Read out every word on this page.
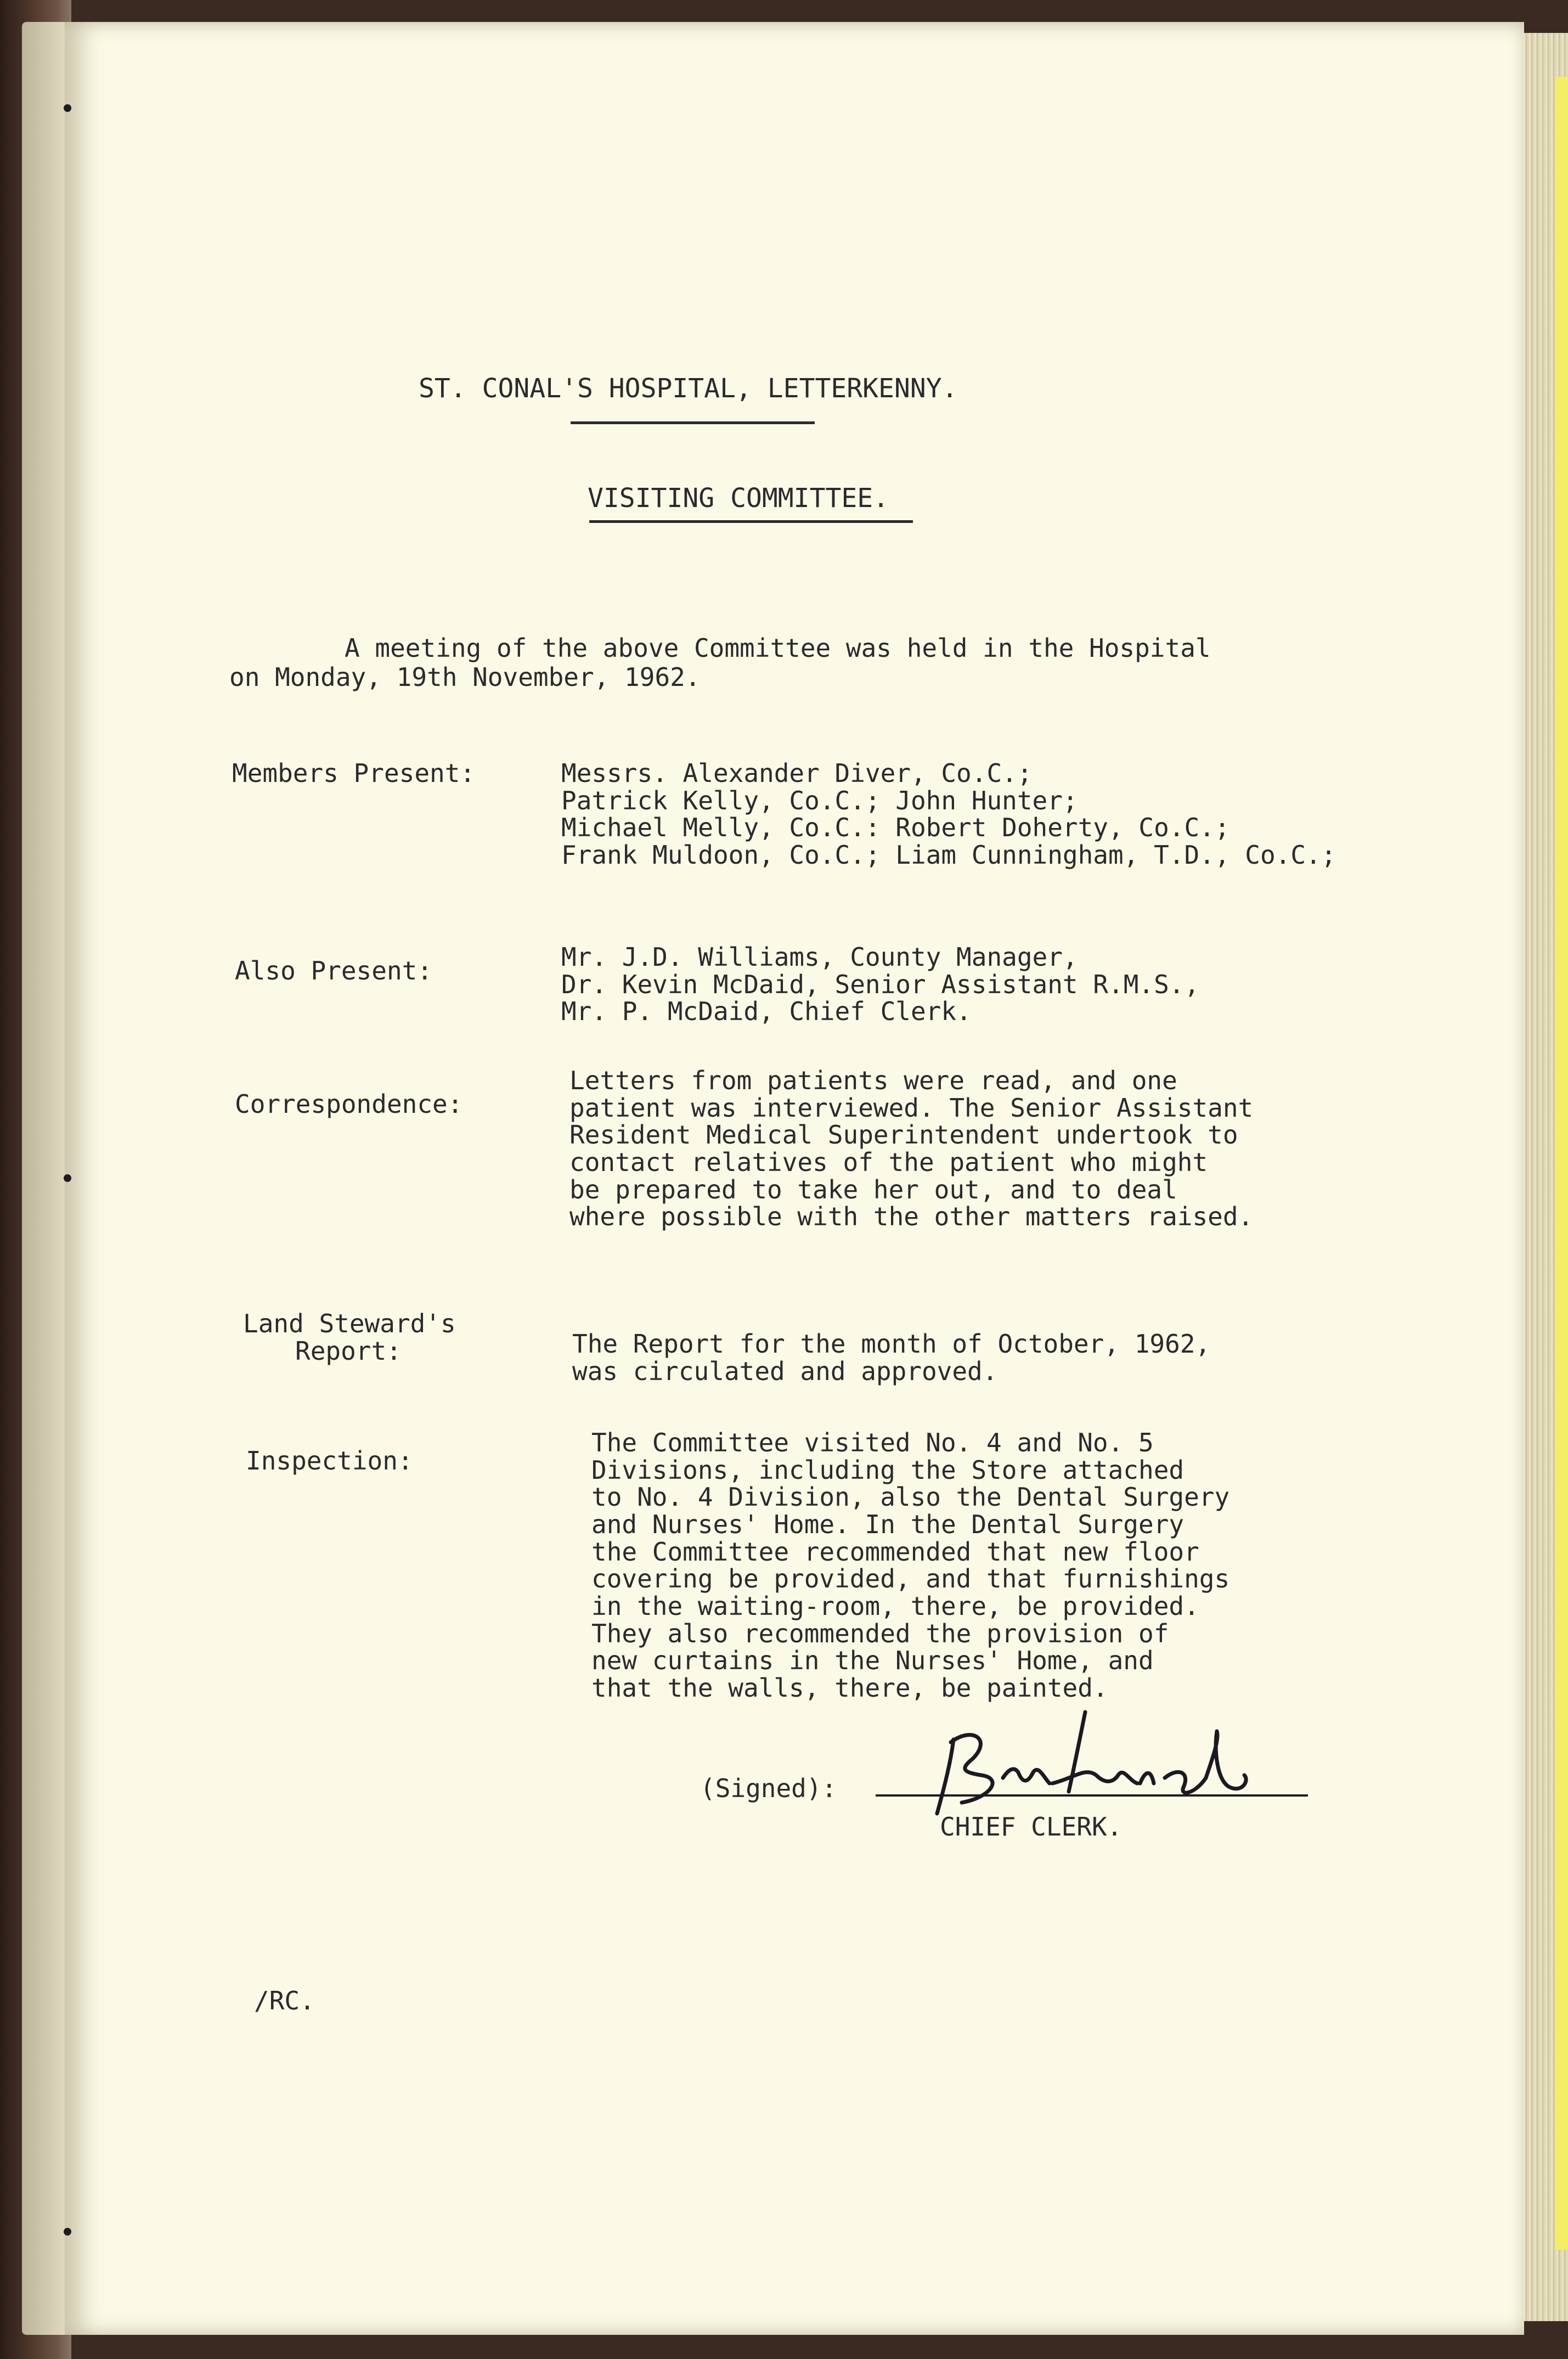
ST. CONAL'S HOSPITAL, LETTERKENNY.
VISITING COMMITTEE.
A meeting of the above Committee was held in the Hospital
on Monday, 19th November, 1962.
Members Present:	Messrs. Alexander Diver, Co.C.;
Patrick Kelly, Co.C.; John Hunter;
Michael Melly, Co.C.: Robert Doherty, Co.C.;
Frank Muldoon, Co.C.; Liam Cunningham, T.D., Co.C.;
Also Present:	Mr. J.D. Williams, County Manager,
Dr. Kevin McDaid, Senior Assistant R.M.S.,
Mr. P. McDaid, Chief Clerk.
Correspondence:
Letters from patients were read, and one
patient was interviewed. The Senior Assistant
Resident Medical Superintendent undertook to
contact relatives of the patient who might
be prepared to take her out, and to deal
where possible with the other matters raised.
Land Steward's
Report:	The Report for the month of October, 1962,
was circulated and approved.
Inspection:
The Committee visited No. 4 and No. 5
Divisions, including the Store attached
to No. 4 Division, also the Dental Surgery
and Nurses' Home. In the Dental Surgery
the Committee recommended that new floor
covering be provided, and that furnishings
in the waiting-room, there, be provided.
They also recommended the provision of
new curtains in the Nurses' Home, and
that the walls, there, be painted.
(Signed):
CHIEF CLERK.
/RC.
